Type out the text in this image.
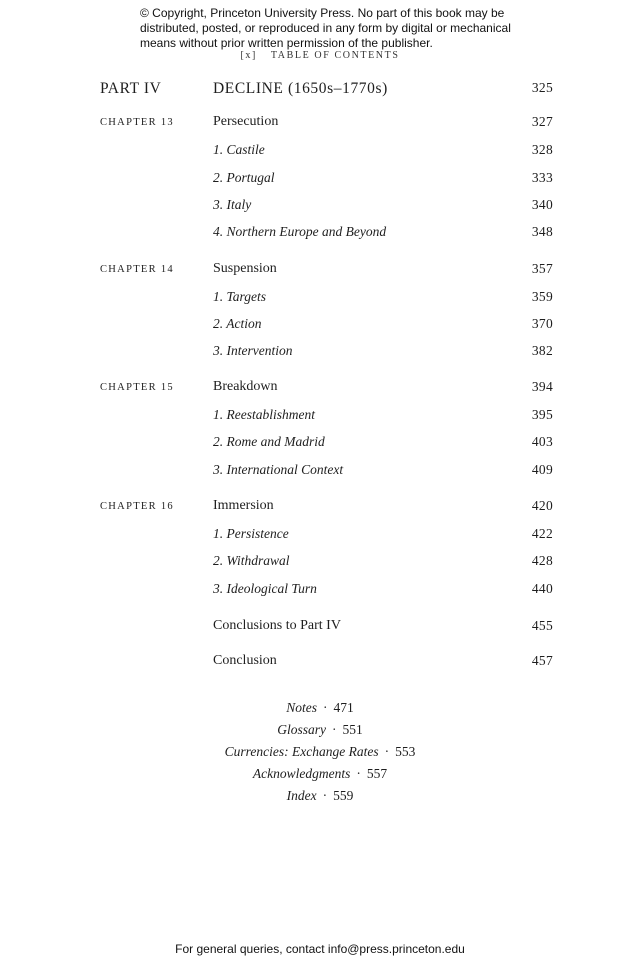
© Copyright, Princeton University Press. No part of this book may be
distributed, posted, or reproduced in any form by digital or mechanical
means without prior written permission of the publisher.
[x] TABLE OF CONTENTS
PART IV	DECLINE (1650s–1770s)	325
CHAPTER 13	Persecution	327
1. Castile	328
2. Portugal	333
3. Italy	340
4. Northern Europe and Beyond	348
CHAPTER 14	Suspension	357
1. Targets	359
2. Action	370
3. Intervention	382
CHAPTER 15	Breakdown	394
1. Reestablishment	395
2. Rome and Madrid	403
3. International Context	409
CHAPTER 16	Immersion	420
1. Persistence	422
2. Withdrawal	428
3. Ideological Turn	440
Conclusions to Part IV	455
Conclusion	457
Notes · 471
Glossary · 551
Currencies: Exchange Rates · 553
Acknowledgments · 557
Index · 559
For general queries, contact info@press.princeton.edu
